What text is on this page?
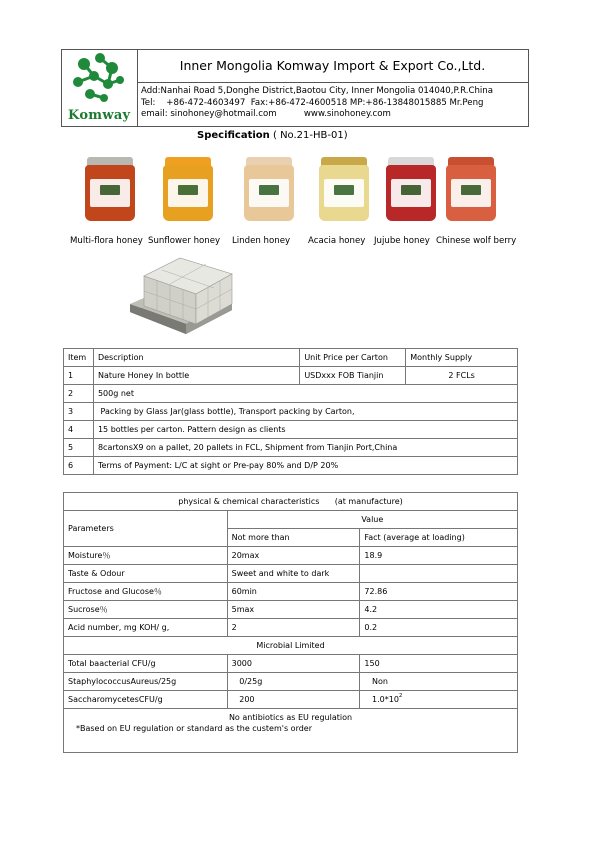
Komway
Inner Mongolia Komway Import & Export Co.,Ltd.
Add:Nanhai Road 5,Donghe District,Baotou City, Inner Mongolia 014040,P.R.China
Tel:    +86-472-4603497  Fax:+86-472-4600518 MP:+86-13848015885 Mr.Peng
email: sinohoney@hotmail.com          www.sinohoney.com
Specification ( No.21-HB-01)
Multi-flora honey Sunflower honey Linden honey Acacia honey Jujube honey Chinese wolf berry
Item	Description	Unit Price per Carton	Monthly Supply
1	Nature Honey In bottle	USDxxx FOB Tianjin	2 FCLs
2	500g net		
3	Packing by Glass Jar(glass bottle), Transport packing by Carton,		
4	15 bottles per carton. Pattern design as clients		
5	8cartonsX9 on a pallet, 20 pallets in FCL, Shipment from Tianjin Port,China		
6	Terms of Payment: L/C at sight or Pre-pay 80% and D/P 20%		
physical & chemical characteristics      (at manufacture)		
Parameters	Value	
	Not more than	Fact (average at loading)
Moisture％	20max	18.9
Taste & Odour	Sweet and white to dark	
Fructose and Glucose％	60min	72.86
Sucrose％	5max	4.2
Acid number, mg KOH/ g,	2	0.2
Microbial Limited		
Total baacterial CFU/g	3000	150
StaphylococcusAureus/25g	0/25g	Non
SaccharomycetesCFU/g	200	$1.0*10^2$

No antibiotics as EU regulation
*Based on EU regulation or standard as the custem's order		
